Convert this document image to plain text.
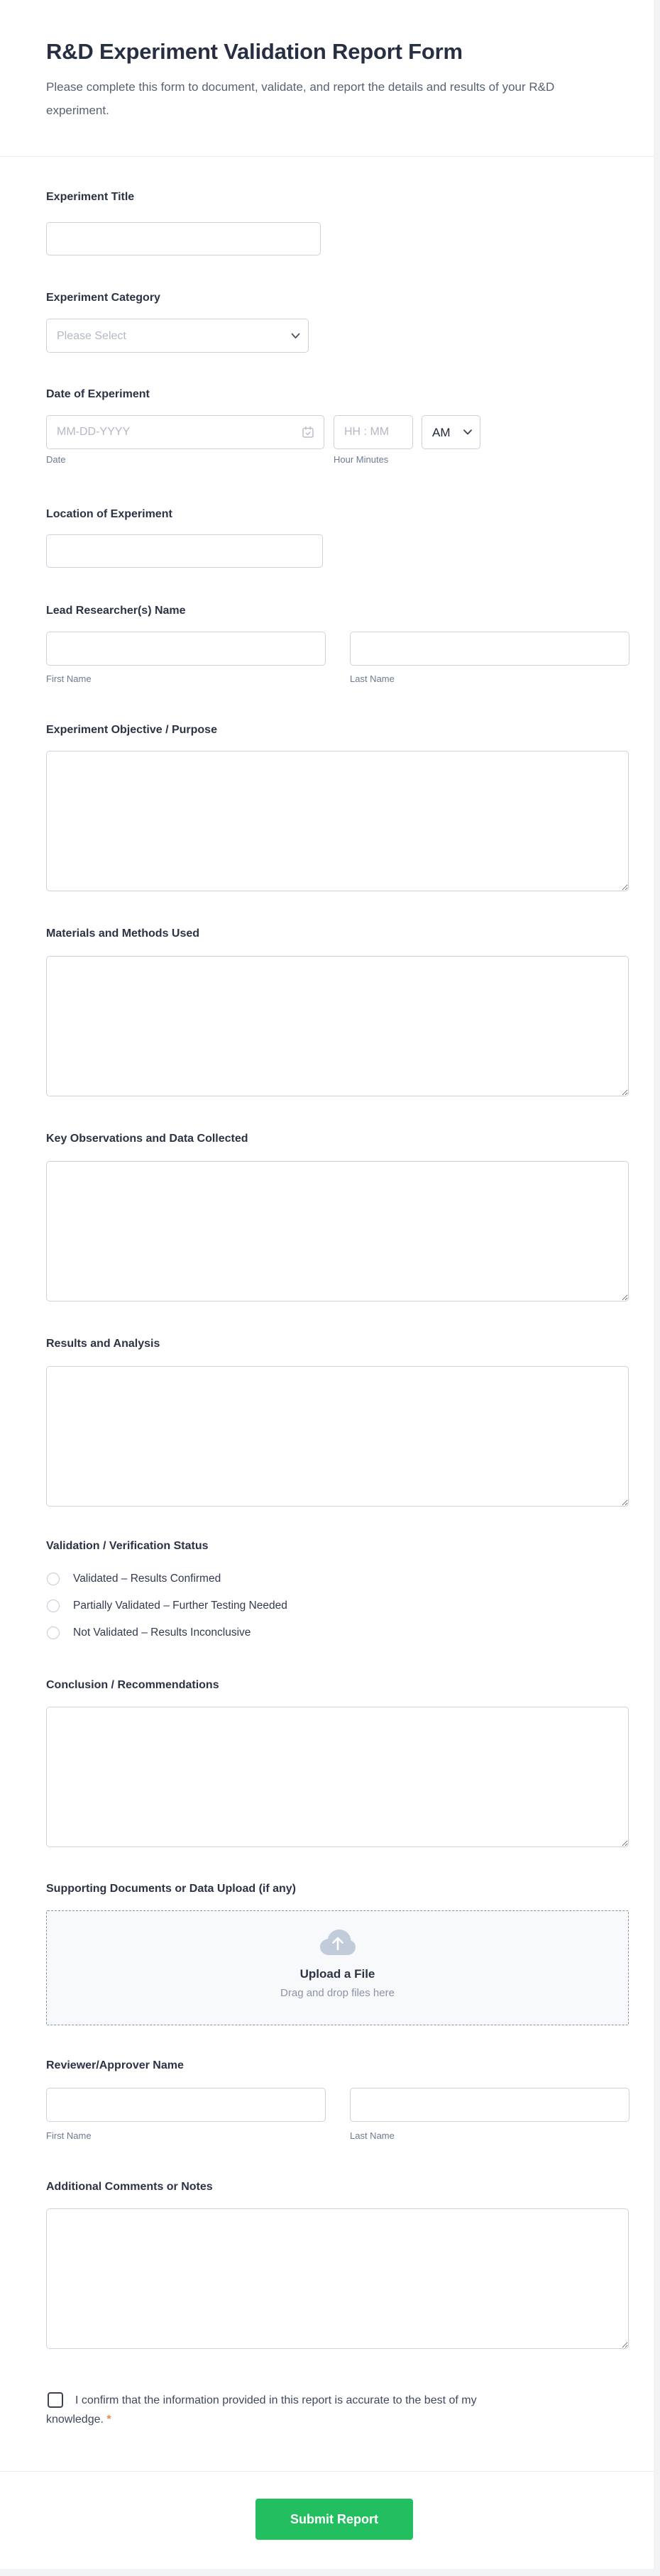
R&D Experiment Validation Report Form
Please complete this form to document, validate, and report the details and results of your R&D experiment.
Experiment Title
Experiment Category
Please Select
Date of Experiment
MM-DD-YYYY
HH : MM
AM
Date	Hour Minutes
Location of Experiment
Lead Researcher(s) Name
First Name	Last Name
Experiment Objective / Purpose
Materials and Methods Used
Key Observations and Data Collected
Results and Analysis
Validation / Verification Status
Validated – Results Confirmed
Partially Validated – Further Testing Needed
Not Validated – Results Inconclusive
Conclusion / Recommendations
Supporting Documents or Data Upload (if any)
Upload a File
Drag and drop files here
Reviewer/Approver Name
First Name	Last Name
Additional Comments or Notes
I confirm that the information provided in this report is accurate to the best of my knowledge. *
Submit Report
